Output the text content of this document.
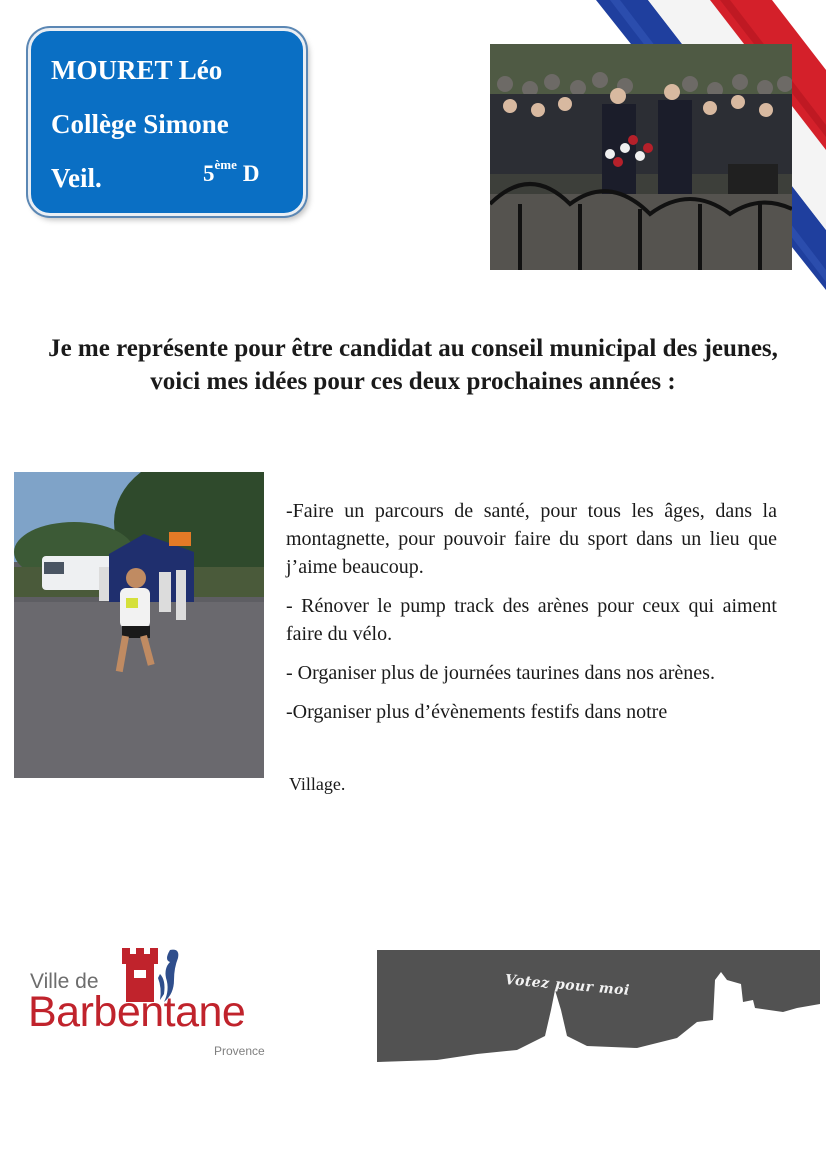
MOURET Léo
Collège Simone
Veil.	5ème D
Je me représente pour être candidat au conseil municipal des jeunes, voici mes idées pour ces deux prochaines années :

-Faire un parcours de santé, pour tous les âges, dans la montagnette, pour pouvoir faire du sport dans un lieu que j’aime beaucoup.

- Rénover le pump track des arènes pour ceux qui aiment faire du vélo.

- Organiser plus de journées taurines dans nos arènes.

-Organiser plus d’évènements festifs dans notre

Village.
Ville de
Barbentane
Provence
Votez pour moi
